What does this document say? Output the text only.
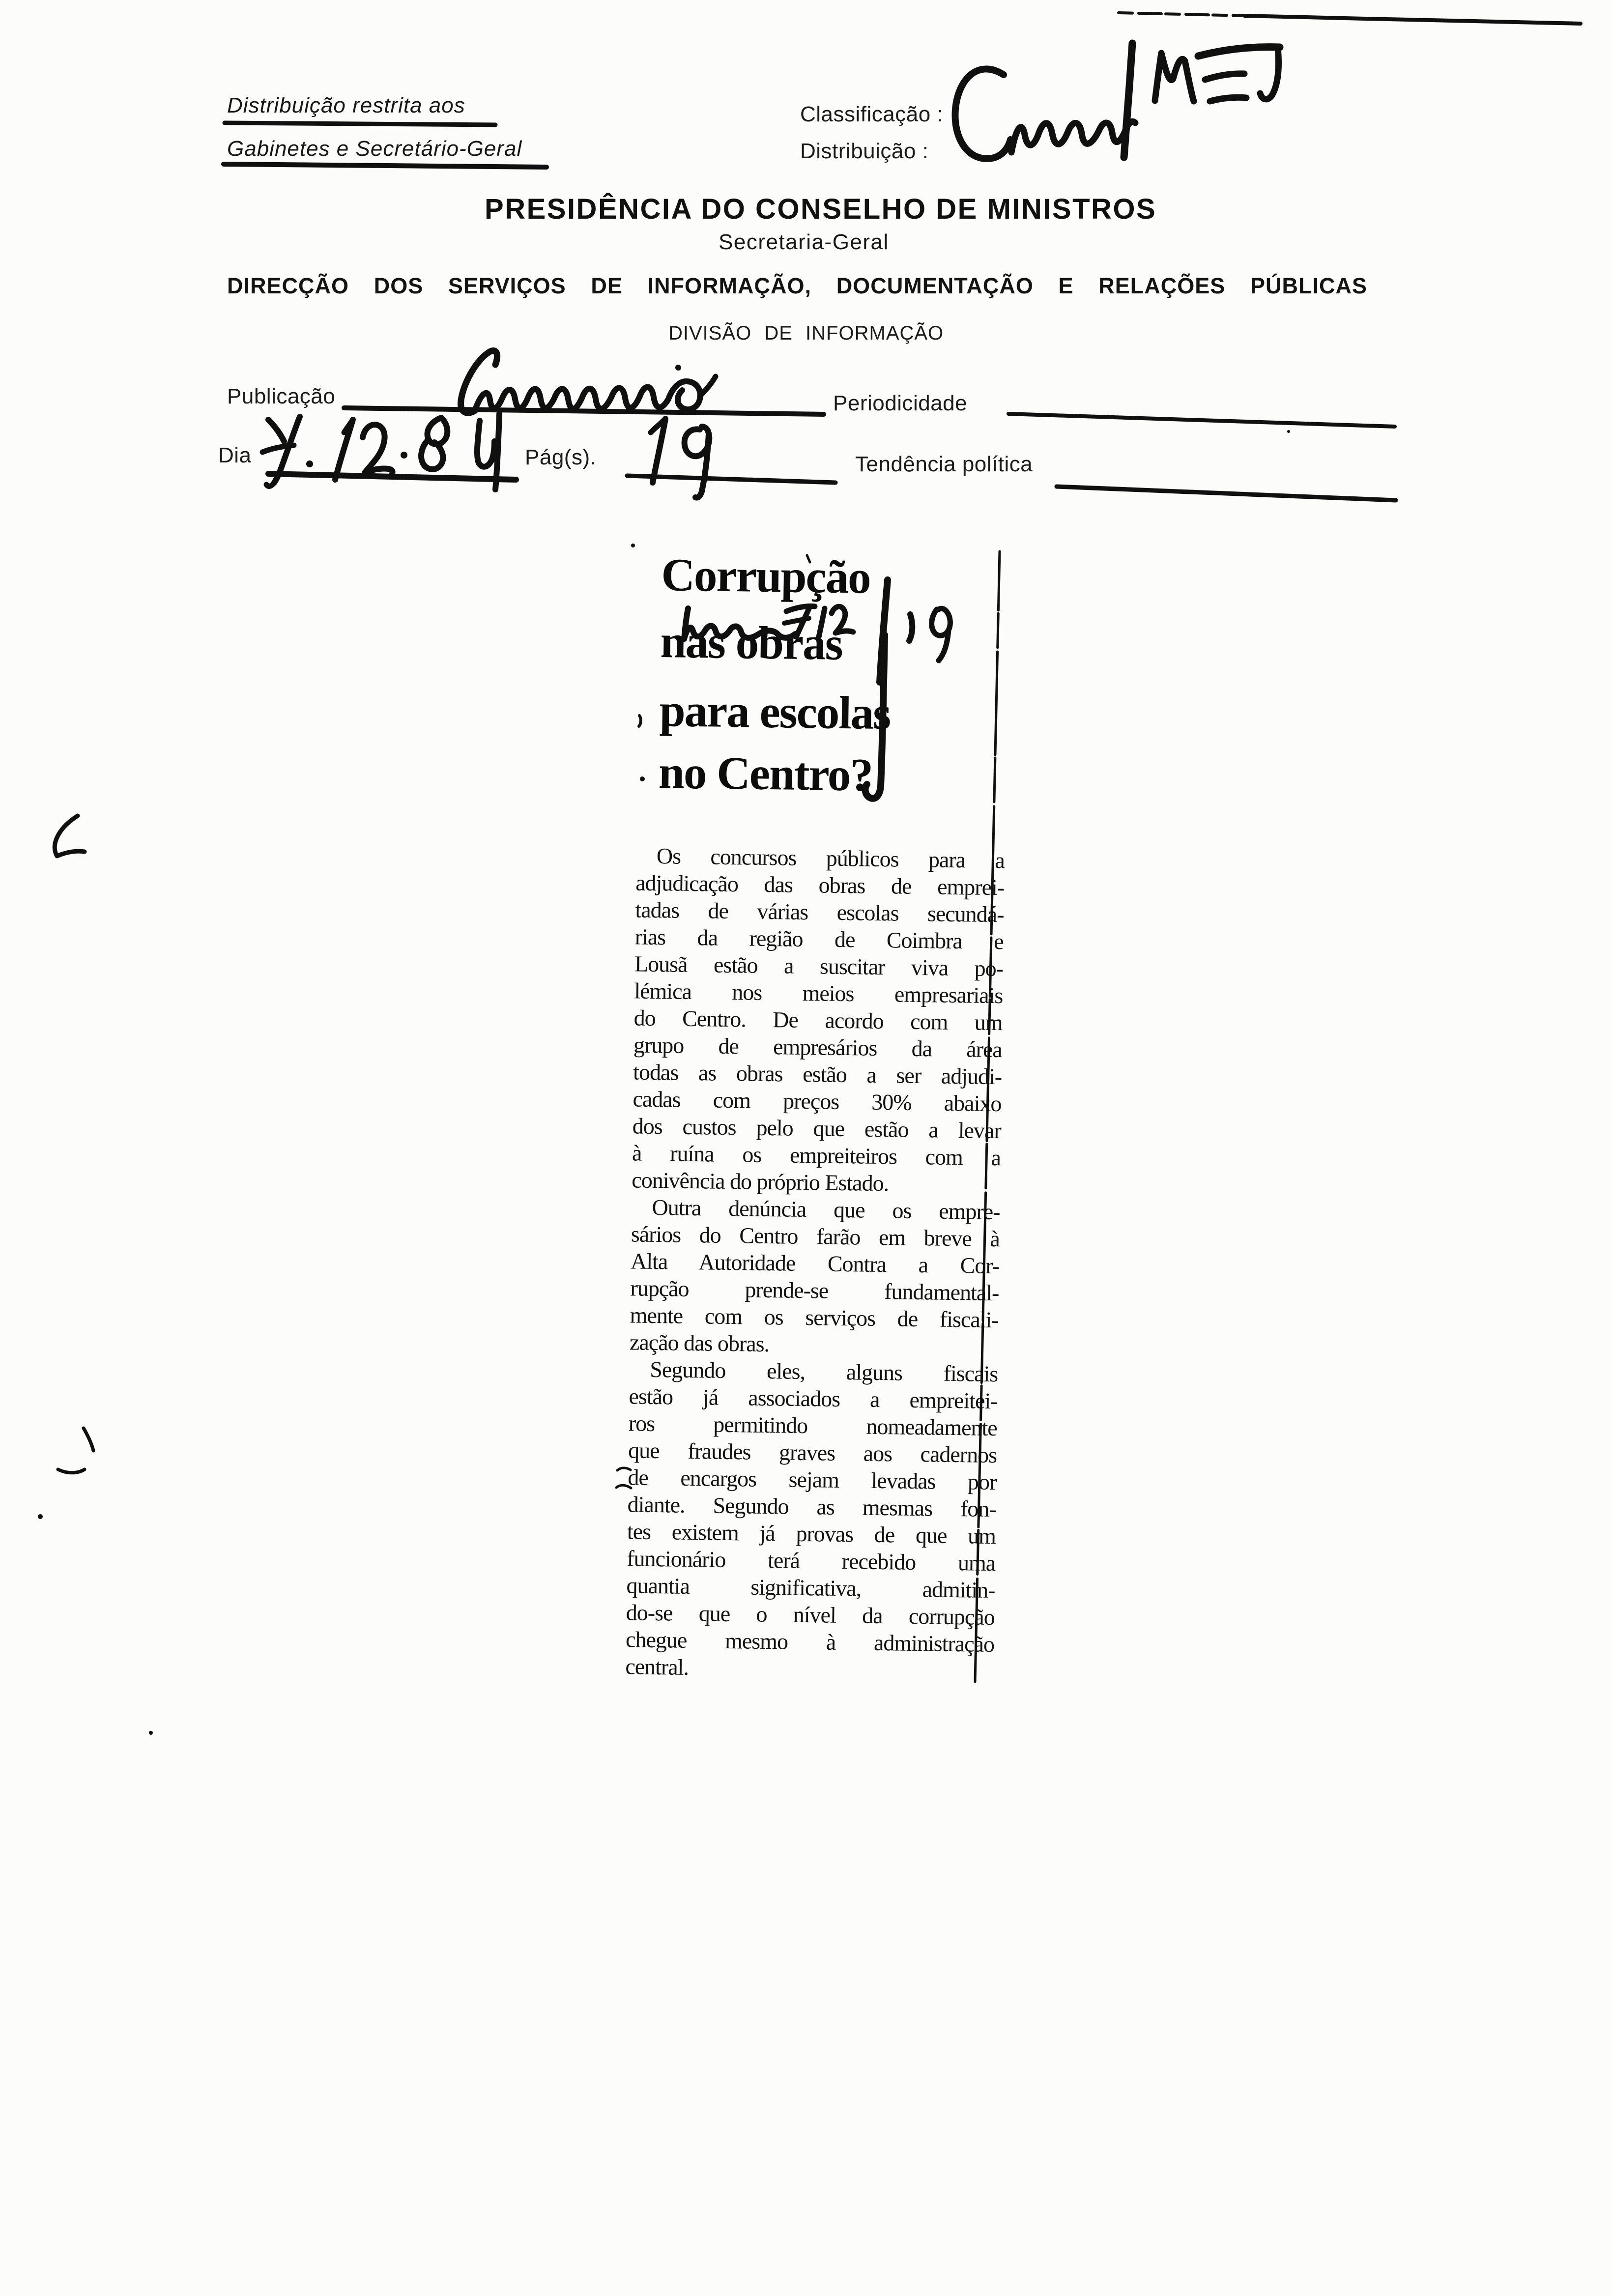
Distribuição restrita aos
Gabinetes e Secretário-Geral
Classificação :
Distribuição :
PRESIDÊNCIA DO CONSELHO DE MINISTROS
Secretaria-Geral
DIRECÇÃO DOS SERVIÇOS DE INFORMAÇÃO, DOCUMENTAÇÃO E RELAÇÕES PÚBLICAS
DIVISÃO DE INFORMAÇÃO
Publicação	Periodicidade
Dia	Pág(s).	Tendência política
Corrupção
nas obras
para escolas
no Centro?
Os concursos públicos para a
adjudicação das obras de emprei-
tadas de várias escolas secundá-
rias da região de Coimbra e
Lousã estão a suscitar viva po-
lémica nos meios empresariais
do Centro. De acordo com um
grupo de empresários da área
todas as obras estão a ser adjudi-
cadas com preços 30% abaixo
dos custos pelo que estão a levar
à ruína os empreiteiros com a
conivência do próprio Estado.
Outra denúncia que os empre-
sários do Centro farão em breve à
Alta Autoridade Contra a Cor-
rupção prende-se fundamental-
mente com os serviços de fiscali-
zação das obras.
Segundo eles, alguns fiscais
estão já associados a empreitei-
ros permitindo nomeadamente
que fraudes graves aos cadernos
de encargos sejam levadas por
diante. Segundo as mesmas fon-
tes existem já provas de que um
funcionário terá recebido uma
quantia significativa, admitin-
do-se que o nível da corrupção
chegue mesmo à administração
central.
